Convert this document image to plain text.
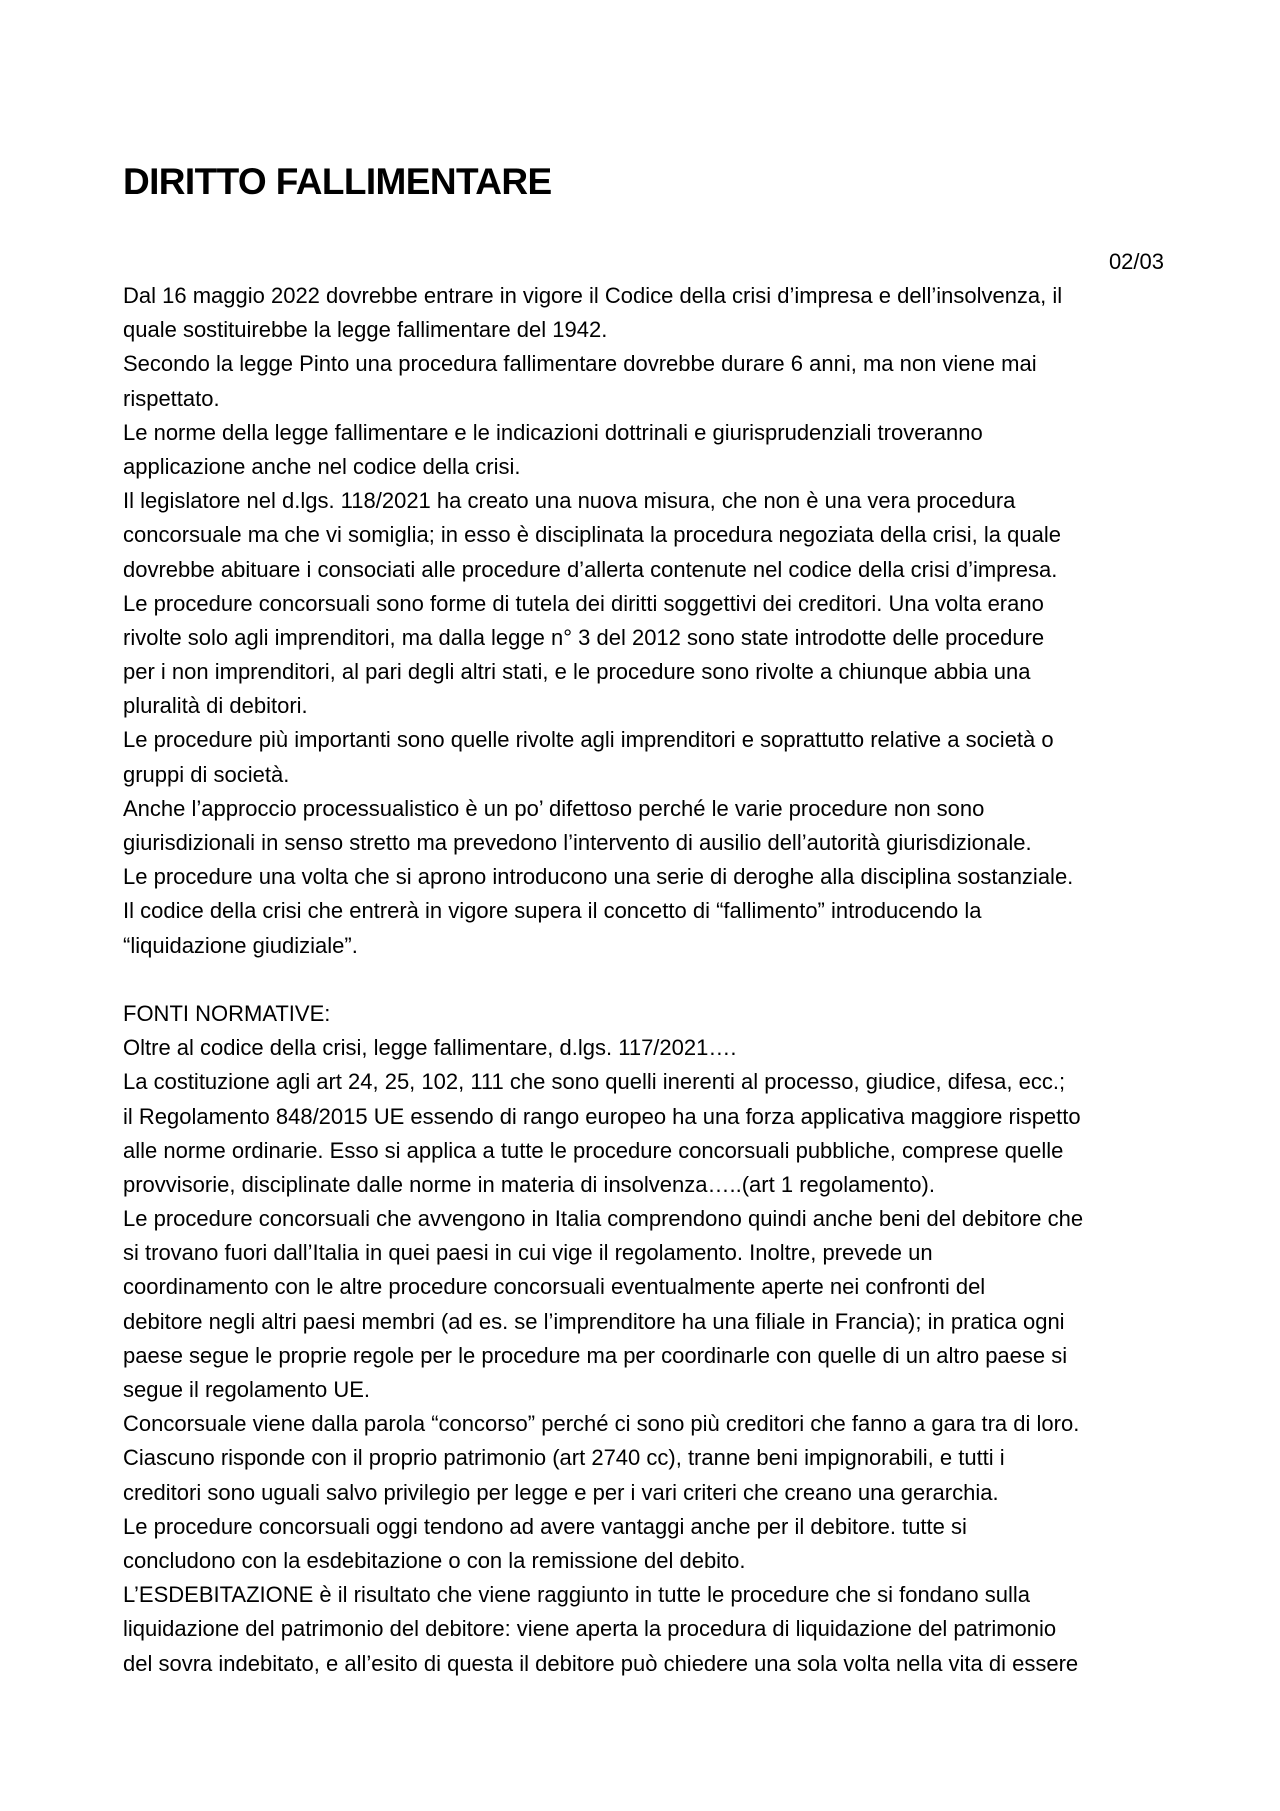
DIRITTO FALLIMENTARE
02/03

Dal 16 maggio 2022 dovrebbe entrare in vigore il Codice della crisi d’impresa e dell’insolvenza, il
quale sostituirebbe la legge fallimentare del 1942.

Secondo la legge Pinto una procedura fallimentare dovrebbe durare 6 anni, ma non viene mai
rispettato.

Le norme della legge fallimentare e le indicazioni dottrinali e giurisprudenziali troveranno
applicazione anche nel codice della crisi.

Il legislatore nel d.lgs. 118/2021 ha creato una nuova misura, che non è una vera procedura
concorsuale ma che vi somiglia; in esso è disciplinata la procedura negoziata della crisi, la quale
dovrebbe abituare i consociati alle procedure d’allerta contenute nel codice della crisi d’impresa.

Le procedure concorsuali sono forme di tutela dei diritti soggettivi dei creditori. Una volta erano
rivolte solo agli imprenditori, ma dalla legge n° 3 del 2012 sono state introdotte delle procedure
per i non imprenditori, al pari degli altri stati, e le procedure sono rivolte a chiunque abbia una
pluralità di debitori.

Le procedure più importanti sono quelle rivolte agli imprenditori e soprattutto relative a società o
gruppi di società.

Anche l’approccio processualistico è un po’ difettoso perché le varie procedure non sono
giurisdizionali in senso stretto ma prevedono l’intervento di ausilio dell’autorità giurisdizionale.

Le procedure una volta che si aprono introducono una serie di deroghe alla disciplina sostanziale.

Il codice della crisi che entrerà in vigore supera il concetto di “fallimento” introducendo la
“liquidazione giudiziale”.

FONTI NORMATIVE:

Oltre al codice della crisi, legge fallimentare, d.lgs. 117/2021….

La costituzione agli art 24, 25, 102, 111 che sono quelli inerenti al processo, giudice, difesa, ecc.;

il Regolamento 848/2015 UE essendo di rango europeo ha una forza applicativa maggiore rispetto
alle norme ordinarie. Esso si applica a tutte le procedure concorsuali pubbliche, comprese quelle
provvisorie, disciplinate dalle norme in materia di insolvenza…..(art 1 regolamento).

Le procedure concorsuali che avvengono in Italia comprendono quindi anche beni del debitore che
si trovano fuori dall’Italia in quei paesi in cui vige il regolamento. Inoltre, prevede un
coordinamento con le altre procedure concorsuali eventualmente aperte nei confronti del
debitore negli altri paesi membri (ad es. se l’imprenditore ha una filiale in Francia); in pratica ogni
paese segue le proprie regole per le procedure ma per coordinarle con quelle di un altro paese si
segue il regolamento UE.

Concorsuale viene dalla parola “concorso” perché ci sono più creditori che fanno a gara tra di loro.
Ciascuno risponde con il proprio patrimonio (art 2740 cc), tranne beni impignorabili, e tutti i
creditori sono uguali salvo privilegio per legge e per i vari criteri che creano una gerarchia.

Le procedure concorsuali oggi tendono ad avere vantaggi anche per il debitore. tutte si
concludono con la esdebitazione o con la remissione del debito.

L’ESDEBITAZIONE è il risultato che viene raggiunto in tutte le procedure che si fondano sulla
liquidazione del patrimonio del debitore: viene aperta la procedura di liquidazione del patrimonio
del sovra indebitato, e all’esito di questa il debitore può chiedere una sola volta nella vita di essere
